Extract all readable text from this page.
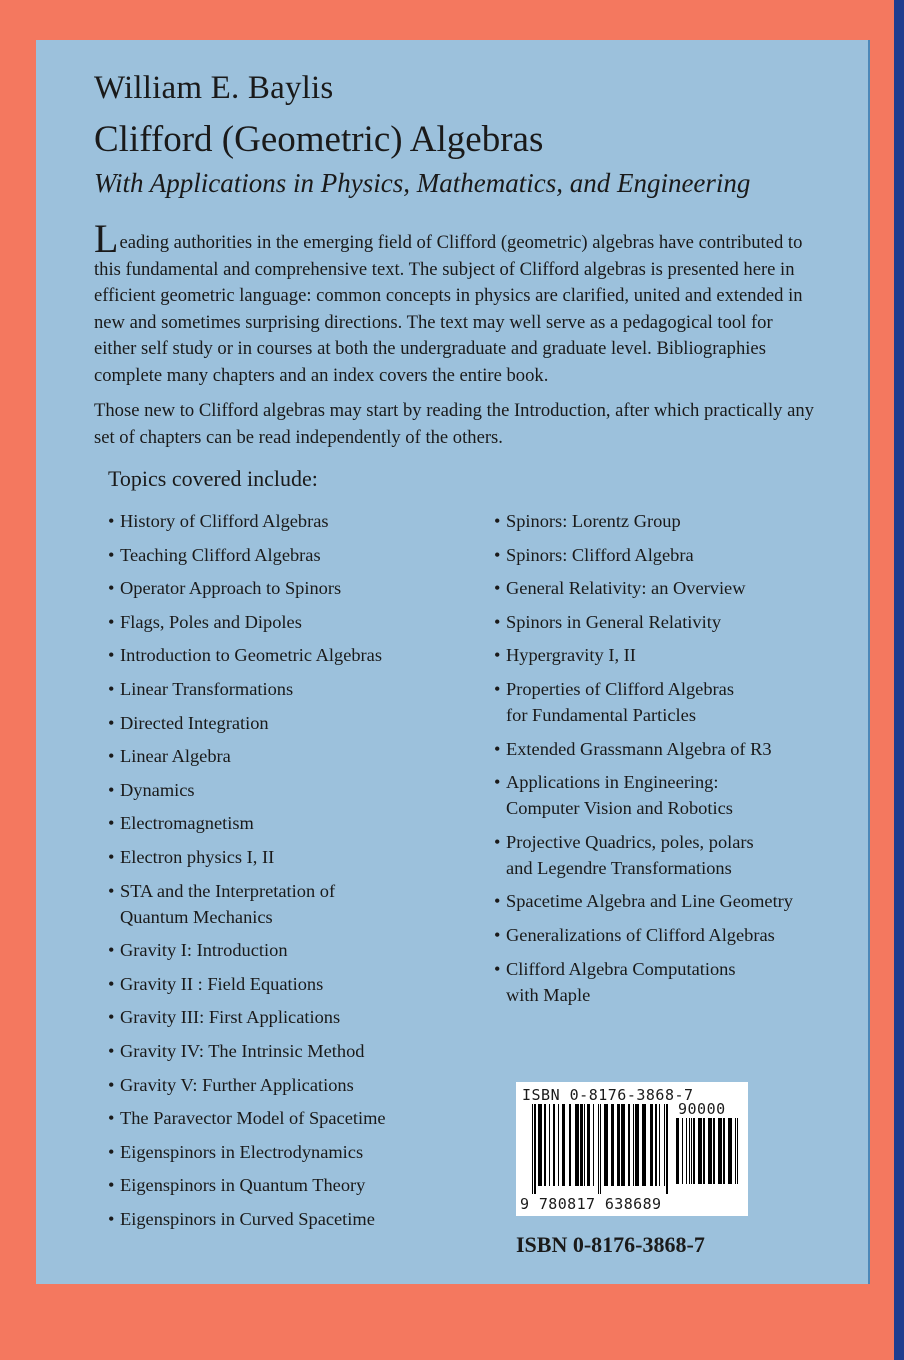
William E. Baylis
Clifford (Geometric) Algebras
With Applications in Physics, Mathematics, and Engineering

Leading authorities in the emerging field of Clifford (geometric) algebras have contributed to this fundamental and comprehensive text. The subject of Clifford algebras is presented here in efficient geometric language: common concepts in physics are clarified, united and extended in new and sometimes surprising directions. The text may well serve as a pedagogical tool for either self study or in courses at both the undergraduate and graduate level. Bibliographies complete many chapters and an index covers the entire book.

Those new to Clifford algebras may start by reading the Introduction, after which practically any set of chapters can be read independently of the others.

Topics covered include:
• History of Clifford Algebras
• Teaching Clifford Algebras
• Operator Approach to Spinors
• Flags, Poles and Dipoles
• Introduction to Geometric Algebras
• Linear Transformations
• Directed Integration
• Linear Algebra
• Dynamics
• Electromagnetism
• Electron physics I, II
• STA and the Interpretation of
Quantum Mechanics
• Gravity I: Introduction
• Gravity II : Field Equations
• Gravity III: First Applications
• Gravity IV: The Intrinsic Method
• Gravity V: Further Applications
• The Paravector Model of Spacetime
• Eigenspinors in Electrodynamics
• Eigenspinors in Quantum Theory
• Eigenspinors in Curved Spacetime
• Spinors: Lorentz Group
• Spinors: Clifford Algebra
• General Relativity: an Overview
• Spinors in General Relativity
• Hypergravity I, II
• Properties of Clifford Algebras
for Fundamental Particles
• Extended Grassmann Algebra of R3
• Applications in Engineering:
Computer Vision and Robotics
• Projective Quadrics, poles, polars
and Legendre Transformations
• Spacetime Algebra and Line Geometry
• Generalizations of Clifford Algebras
• Clifford Algebra Computations
with Maple
ISBN 0-8176-3868-7
90000
9 780817 638689
ISBN 0-8176-3868-7
